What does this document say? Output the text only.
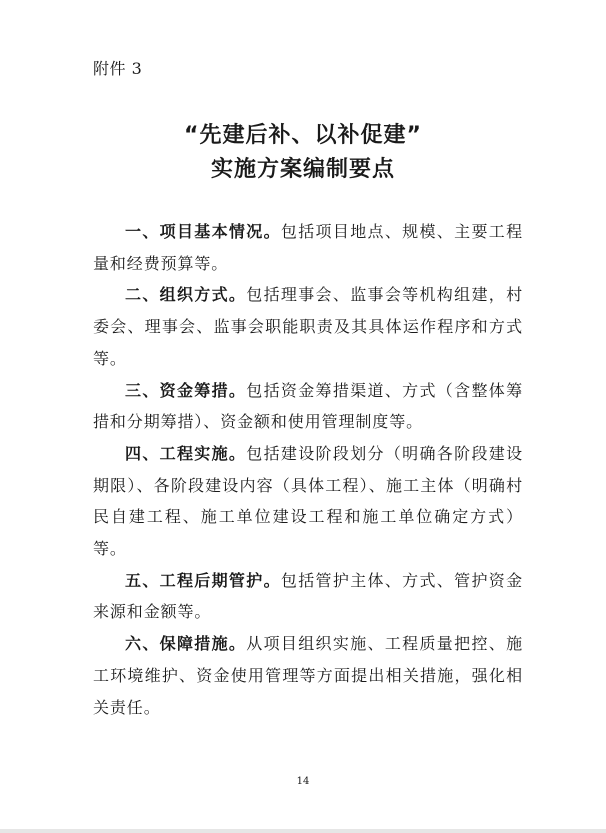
附件 3
“先建后补、以补促建”
实施方案编制要点

一、项目基本情况。包括项目地点、规模、主要工程量和经费预算等。

二、组织方式。包括理事会、监事会等机构组建，村委会、理事会、监事会职能职责及其具体运作程序和方式等。

三、资金筹措。包括资金筹措渠道、方式（含整体筹措和分期筹措）、资金额和使用管理制度等。

四、工程实施。包括建设阶段划分（明确各阶段建设期限）、各阶段建设内容（具体工程）、施工主体（明确村民自建工程、施工单位建设工程和施工单位确定方式）等。

五、工程后期管护。包括管护主体、方式、管护资金来源和金额等。

六、保障措施。从项目组织实施、工程质量把控、施工环境维护、资金使用管理等方面提出相关措施，强化相关责任。

14
